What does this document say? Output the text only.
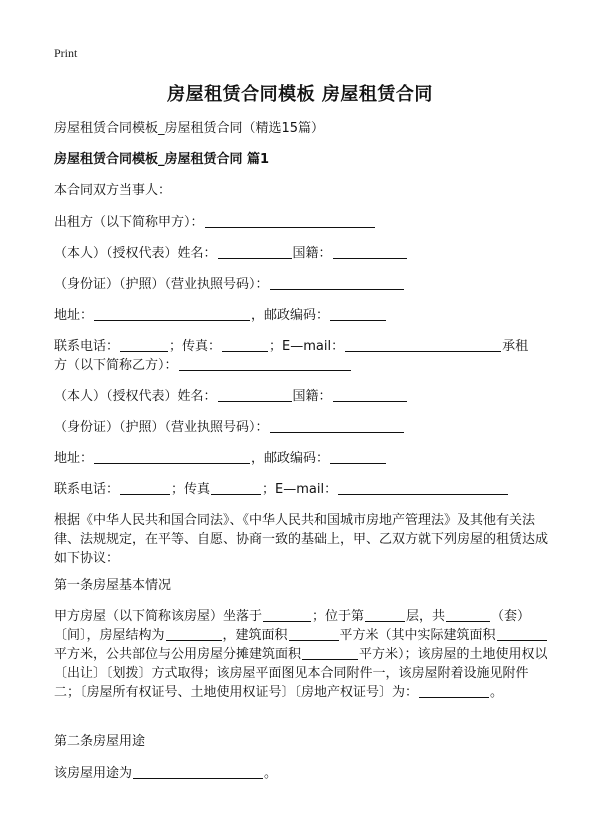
Print
房屋租赁合同模板 房屋租赁合同
房屋租赁合同模板_房屋租赁合同（精选15篇）
房屋租赁合同模板_房屋租赁合同 篇1
本合同双方当事人：
出租方（以下简称甲方）：
（本人）（授权代表）姓名：	国籍：
（身份证）（护照）（营业执照号码）：
地址：	，邮政编码：
联系电话：	；传真：	；E—mail：	承租
方（以下简称乙方）：
（本人）（授权代表）姓名：	国籍：
（身份证）（护照）（营业执照号码）：
地址：	，邮政编码：
联系电话：	；传真	；E—mail：
根据《中华人民共和国合同法》、《中华人民共和国城市房地产管理法》及其他有关法律、法规规定，在平等、自愿、协商一致的基础上，甲、乙双方就下列房屋的租赁达成如下协议：
第一条房屋基本情况
甲方房屋（以下简称该房屋）坐落于	；位于第	层，共	（套）〔间〕，房屋结构为	，建筑面积	平方米（其中实际建筑面积平方米，公共部位与公用房屋分摊建筑面积	平方米）；该房屋的土地使用权以〔出让〕〔划拨〕方式取得；该房屋平面图见本合同附件一，该房屋附着设施见附件二；〔房屋所有权证号、土地使用权证号〕〔房地产权证号〕为：	。
第二条房屋用途
该房屋用途为	。
